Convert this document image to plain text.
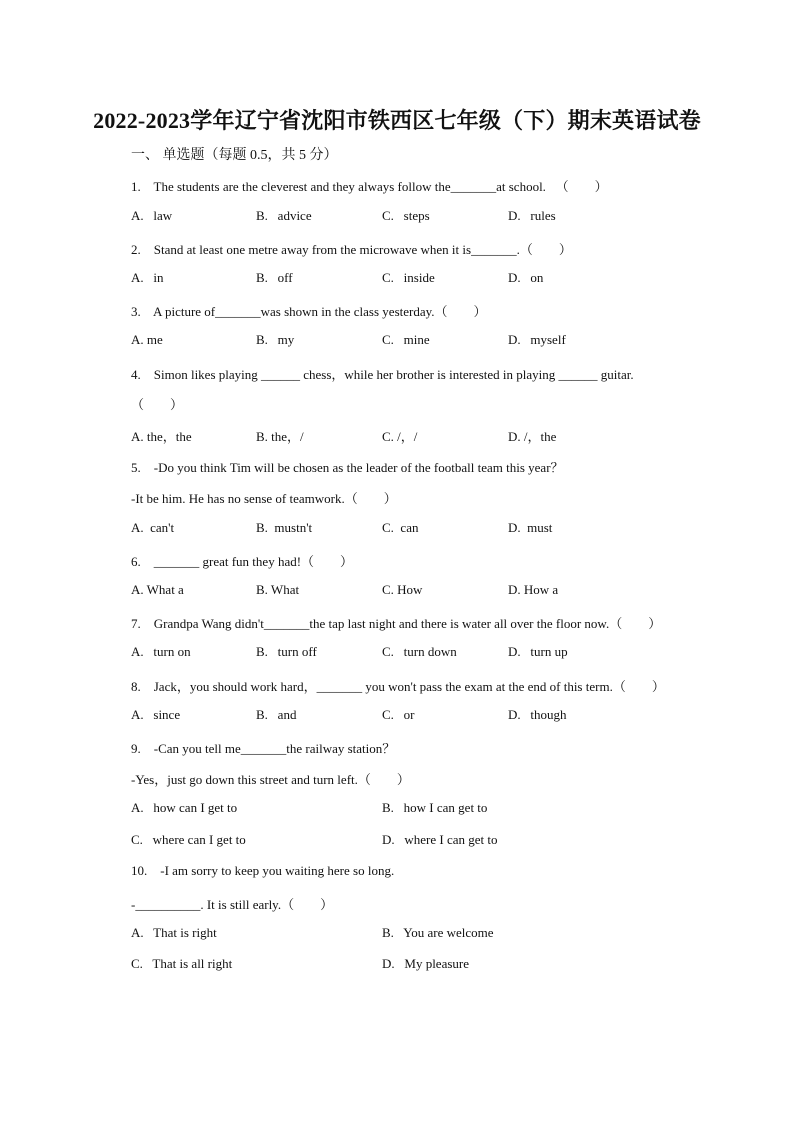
2022-2023学年辽宁省沈阳市铁西区七年级（下）期末英语试卷
一、 单选题（每题 0.5，共 5 分）
1.    The students are the cleverest and they always follow the_______at school.   （        ）
A.   law	B.   advice	C.   steps	D.   rules
2.    Stand at least one metre away from the microwave when it is_______.（        ）
A.   in	B.   off	C.   inside	D.   on
3.    A picture of_______was shown in the class yesterday.（        ）
A. me	B.   my	C.   mine	D.   myself
4.    Simon likes playing ______ chess，while her brother is interested in playing ______ guitar.
（        ）
A. the，the	B. the，/	C. /，/	D. /，the
5.    -Do you think Tim will be chosen as the leader of the football team this year？
-It be him. He has no sense of teamwork.（        ）
A.  can't	B.  mustn't	C.  can	D.  must
6.    _______ great fun they had!（        ）
A. What a	B. What	C. How	D. How a
7.    Grandpa Wang didn't_______the tap last night and there is water all over the floor now.（        ）
A.   turn on	B.   turn off	C.   turn down	D.   turn up
8.    Jack，you should work hard，_______ you won't pass the exam at the end of this term.（        ）
A.   since	B.   and	C.   or	D.   though
9.    -Can you tell me_______the railway station？
-Yes，just go down this street and turn left.（        ）
A.   how can I get to	B.   how I can get to
C.   where can I get to	D.   where I can get to
10.    -I am sorry to keep you waiting here so long.
-__________. It is still early.（        ）
A.   That is right	B.   You are welcome
C.   That is all right	D.   My pleasure
